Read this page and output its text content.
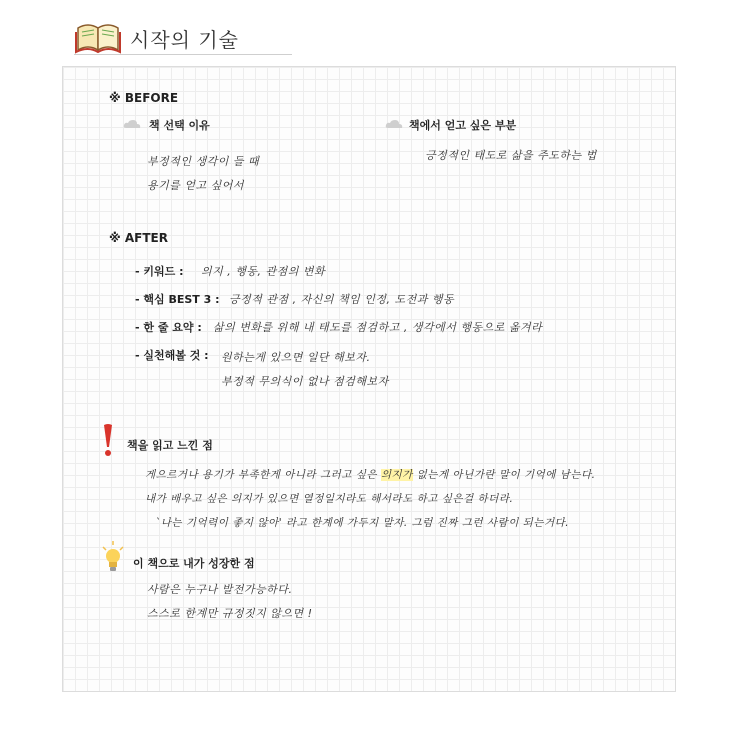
시작의 기술
※ BEFORE
책 선택 이유
부정적인 생각이 들 때
용기를 얻고 싶어서
책에서 얻고 싶은 부분
긍정적인 태도로 삶을 주도하는 법
※ AFTER
- 키워드 : 의지 , 행동, 관점의 변화
- 핵심 BEST 3 : 긍정적 관점 , 자신의 책임 인정, 도전과 행동
- 한 줄 요약 : 삶의 변화를 위해 내 태도를 점검하고 , 생각에서 행동으로 옮겨라
- 실천해볼 것 : 원하는게 있으면 일단 해보자.
부정적 무의식이 없나 점검해보자
책을 읽고 느낀 점
게으르거나 용기가 부족한게 아니라 그러고 싶은 의지가 없는게 아닌가란 말이 기억에 남는다.
내가 배우고 싶은 의지가 있으면 열정일지라도 해서라도 하고 싶은걸 하더라.
`나는 기억력이 좋지 않아' 라고 한계에 가두지 말자. 그럼 진짜 그런 사람이 되는거다.
이 책으로 내가 성장한 점
사람은 누구나 발전가능하다.
스스로 한계만 규정짓지 않으면 !
